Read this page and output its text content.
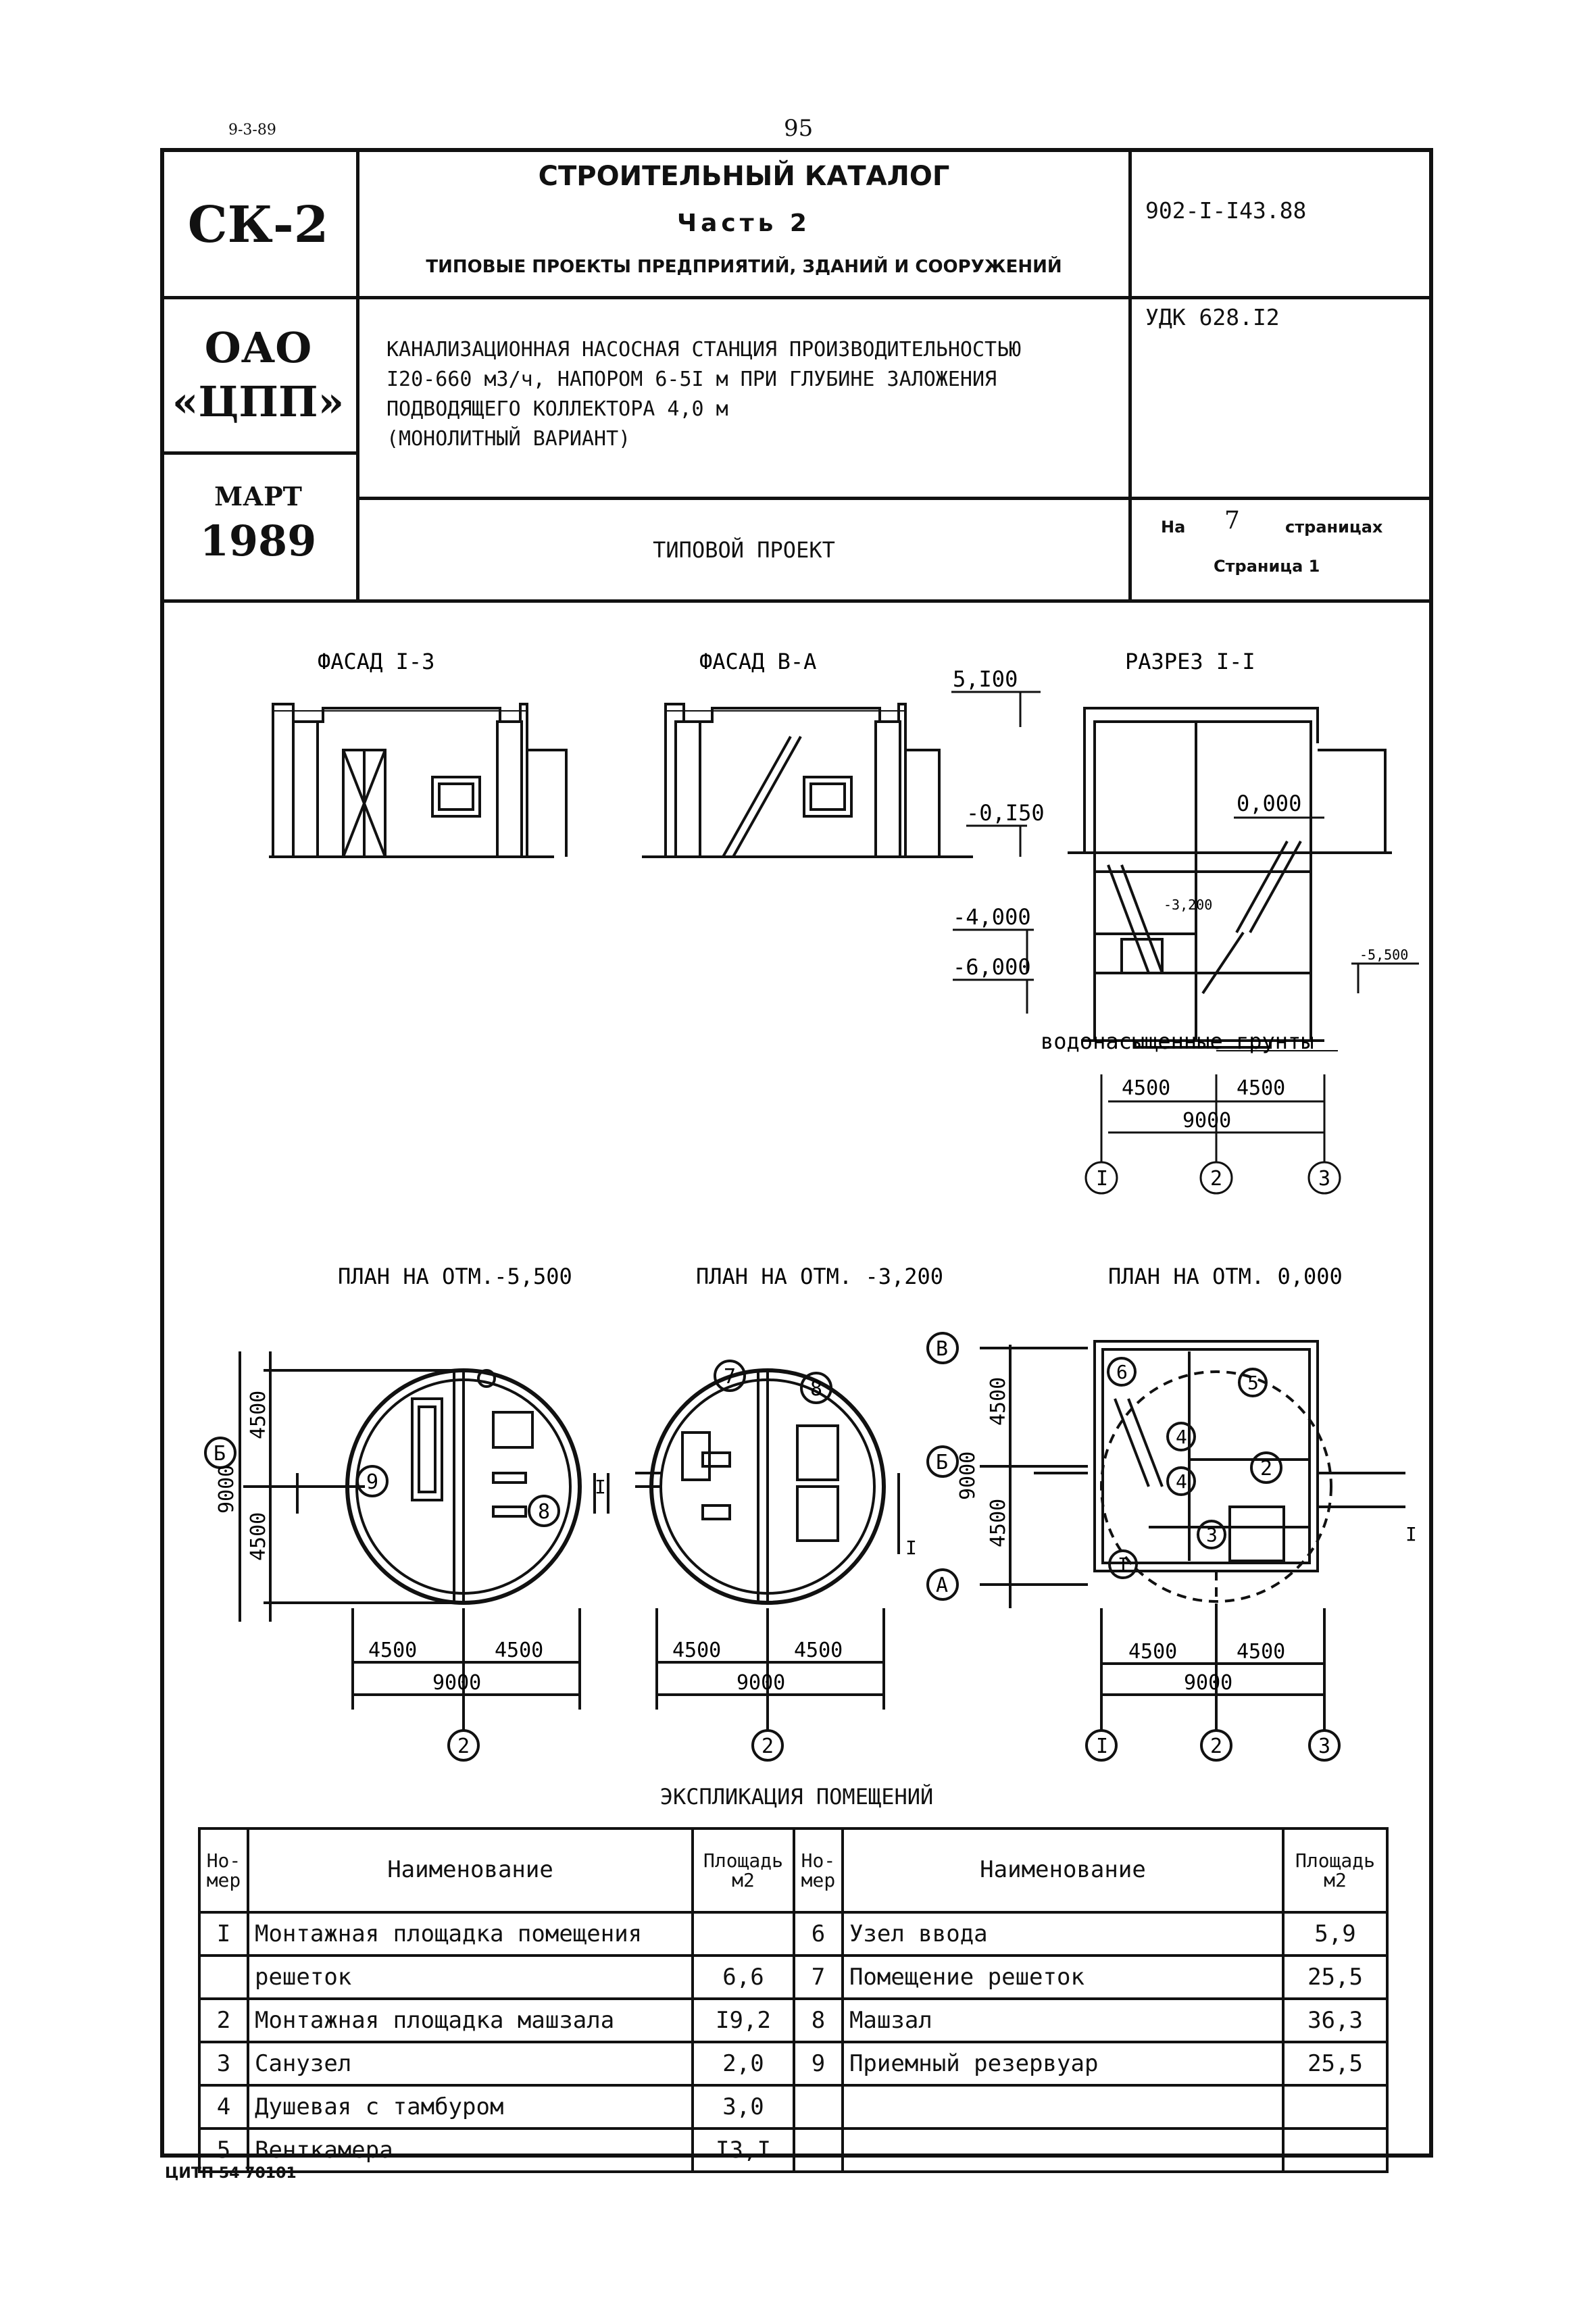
9-3-89	95
СК-2
СТРОИТЕЛЬНЫЙ КАТАЛОГ
Часть 2
ТИПОВЫЕ ПРОЕКТЫ ПРЕДПРИЯТИЙ, ЗДАНИЙ И СООРУЖЕНИЙ
902-I-I43.88
ОАО
«ЦПП»
УДК 628.I2
КАНАЛИЗАЦИОННАЯ НАСОСНАЯ СТАНЦИЯ ПРОИЗВОДИТЕЛЬНОСТЬЮ
I20-660 м3/ч, НАПОРОМ 6-5I м ПРИ ГЛУБИНЕ ЗАЛОЖЕНИЯ
ПОДВОДЯЩЕГО КОЛЛЕКТОРА 4,0 м
(МОНОЛИТНЫЙ ВАРИАНТ)
МАРТ
1989	ТИПОВОЙ ПРОЕКТ
На 7	страницах
Страница 1
ФАСАД I-3	ФАСАД В-А	РАЗРЕЗ I-I
5,I00
-0,I50	0,000
-4,000
-6,000
-3,200
-5,500
водонасыщенные грунты
4500	4500
9000
I	2	3
ПЛАН НА ОТМ.-5,500	ПЛАН НА ОТМ. -3,200	ПЛАН НА ОТМ. 0,000
4500
4500
9000
Б
4500	4500
9000
2
9
8
I
4500	4500
9000
2
7
8
I
4500
4500
9000
В
Б
А
4500	4500
9000
I	2	3
6	5
4
4
2
3
I
I
ЭКСПЛИКАЦИЯ ПОМЕЩЕНИЙ
Но-мер	Наименование	Площадь м2	Но-мер	Наименование	Площадь м2
I	Монтажная площадка помещения		6	Узел ввода	5,9
	решеток	6,6	7	Помещение решеток	25,5
2	Монтажная площадка машзала	I9,2	8	Машзал	36,3
3	Санузел	2,0	9	Приемный резервуар	25,5
4	Душевая с тамбуром	3,0			
5	Венткамера	I3,I			
ЦИТП 54 70101
